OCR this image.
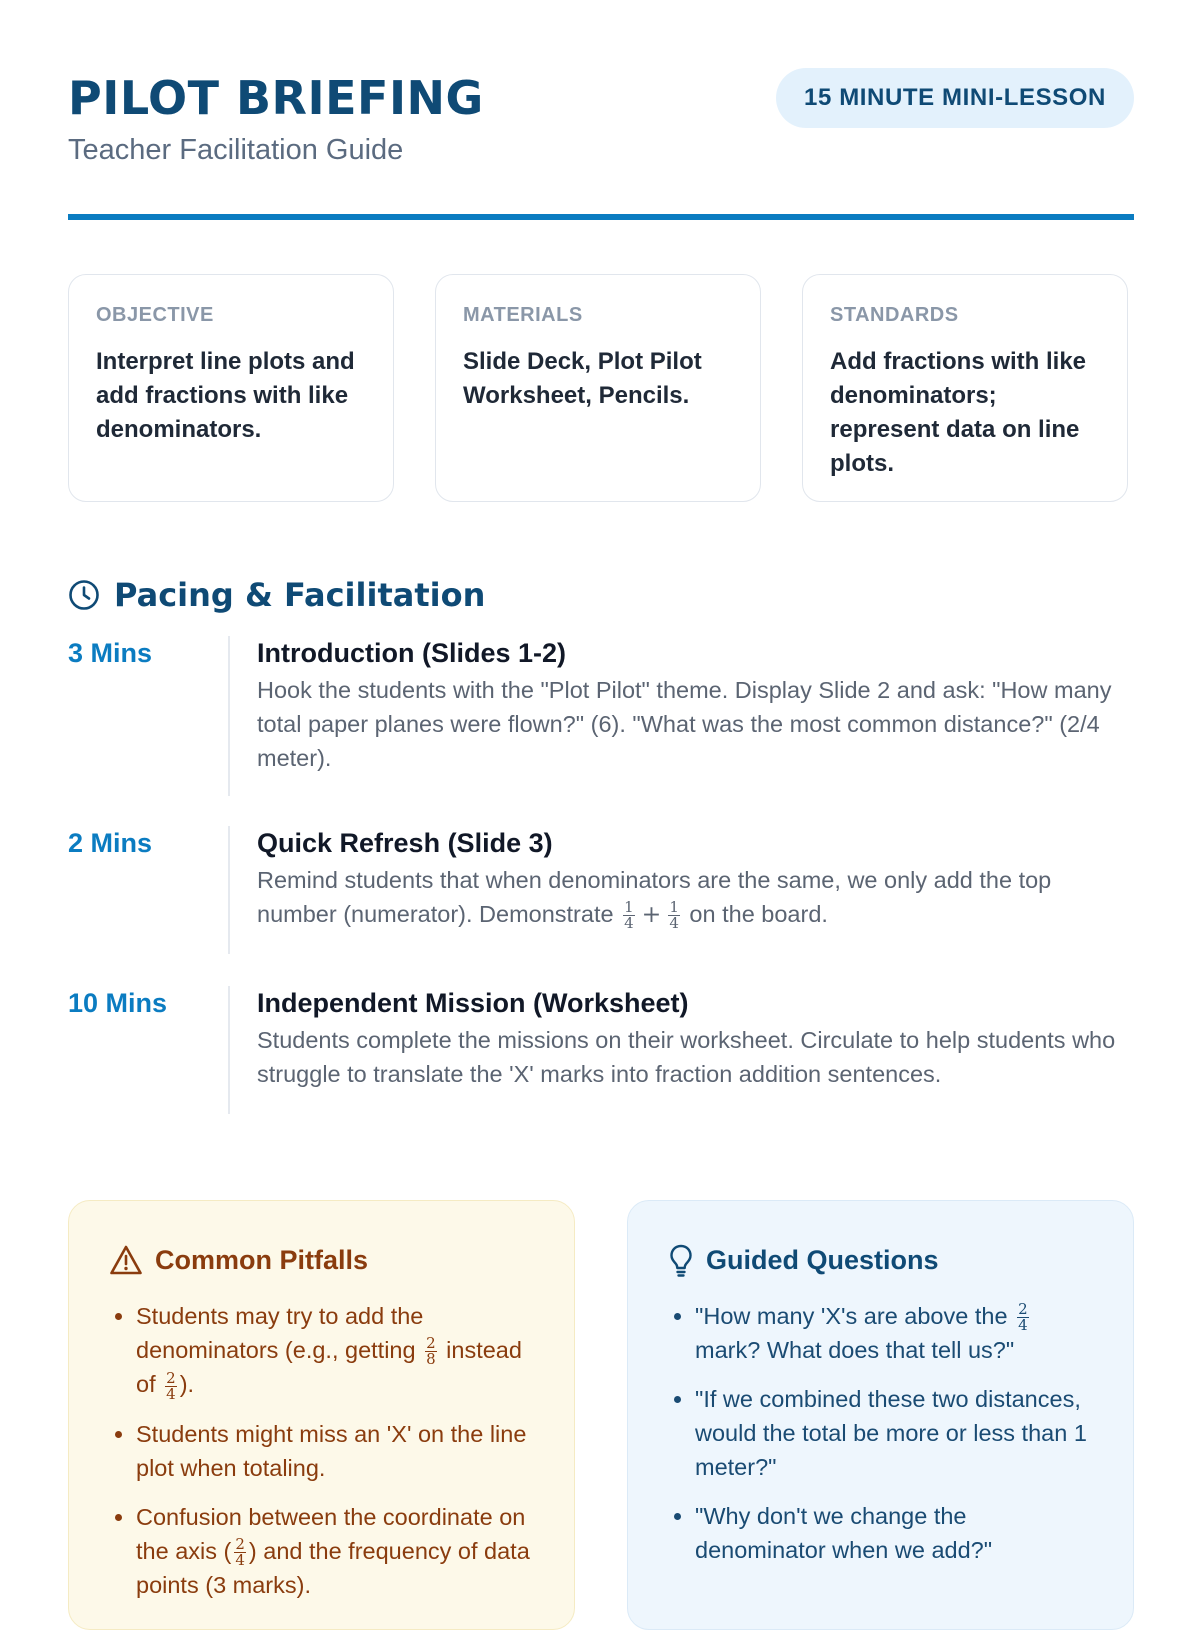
PILOT BRIEFING
Teacher Facilitation Guide
15 MINUTE MINI-LESSON
OBJECTIVE
Interpret line plots and add fractions with like denominators.
MATERIALS
Slide Deck, Plot Pilot Worksheet, Pencils.
STANDARDS
Add fractions with like denominators; represent data on line plots.
Pacing & Facilitation
3 Mins	Introduction (Slides 1-2)
Hook the students with the "Plot Pilot" theme. Display Slide 2 and ask: "How many total paper planes were flown?" (6). "What was the most common distance?" (2/4 meter).
2 Mins	Quick Refresh (Slide 3)
Remind students that when denominators are the same, we only add the top number (numerator). Demonstrate $\frac{1}{4} + \frac{1}{4}$ on the board.
10 Mins	Independent Mission (Worksheet)
Students complete the missions on their worksheet. Circulate to help students who struggle to translate the 'X' marks into fraction addition sentences.
Common Pitfalls
• Students may try to add the denominators (e.g., getting $\frac{2}{8}$ instead of $\frac{2}{4}$ ).
• Students might miss an 'X' on the line plot when totaling.
• Confusion between the coordinate on the axis ( $\frac{2}{4}$ ) and the frequency of data points (3 marks).
Guided Questions
• "How many 'X's are above the $\frac{2}{4}$
mark? What does that tell us?"
• "If we combined these two distances, would the total be more or less than 1 meter?"
• "Why don't we change the denominator when we add?"
